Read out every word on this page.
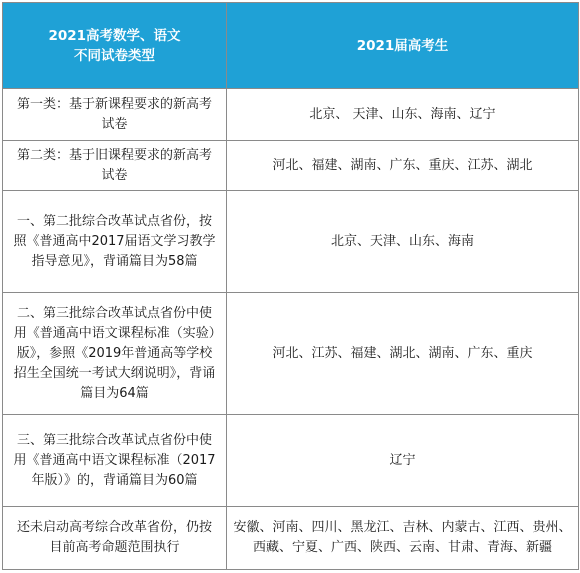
2021高考数学、语文
不同试卷类型	2021届高考生

第一类：基于新课程要求的新高考试卷	北京、 天津、山东、海南、辽宁

第二类：基于旧课程要求的新高考试卷	河北、福建、湖南、广东、重庆、江苏、湖北

一、第二批综合改革试点省份，按照《普通高中2017届语文学习教学指导意见》，背诵篇目为58篇	北京、天津、山东、海南

二、第三批综合改革试点省份中使用《普通高中语文课程标准（实验）版》，参照《2019年普通高等学校招生全国统一考试大纲说明》，背诵篇目为64篇	河北、江苏、福建、湖北、湖南、广东、重庆

三、第三批综合改革试点省份中使用《普通高中语文课程标准（2017年版）》的，背诵篇目为60篇	辽宁

还未启动高考综合改革省份，仍按目前高考命题范围执行	安徽、河南、四川、黑龙江、吉林、内蒙古、江西、贵州、西藏、宁夏、广西、陕西、云南、甘肃、青海、新疆
